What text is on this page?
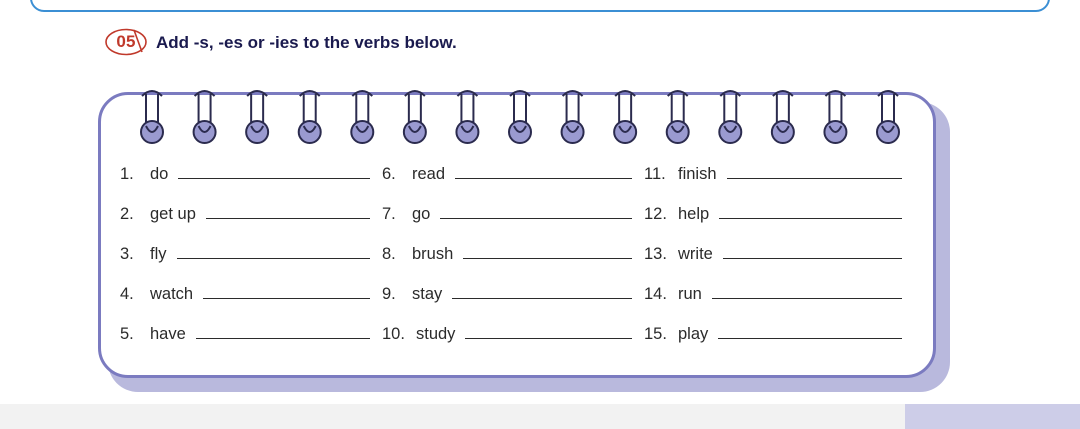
05	Add -s, -es or -ies to the verbs below.
1. do
2. get up
3. fly
4. watch
5. have
6. read
7. go
8. brush
9. stay
10. study
11. finish
12. help
13. write
14. run
15. play
